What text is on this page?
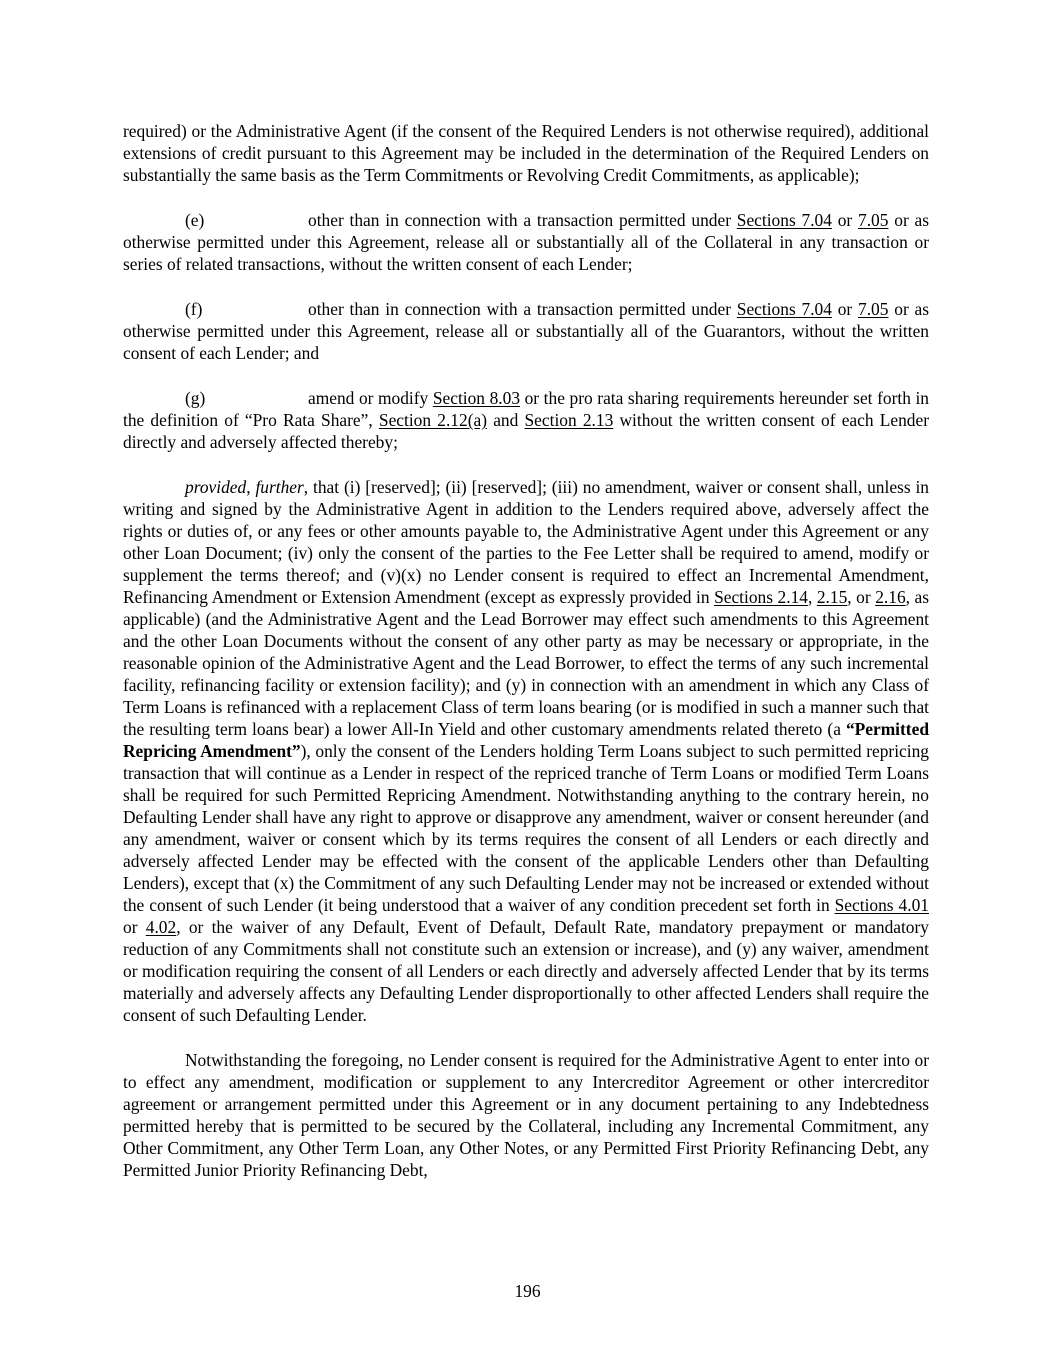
required) or the Administrative Agent (if the consent of the Required Lenders is not otherwise required), additional extensions of credit pursuant to this Agreement may be included in the determination of the Required Lenders on substantially the same basis as the Term Commitments or Revolving Credit Commitments, as applicable);

(e)	other than in connection with a transaction permitted under Sections 7.04 or 7.05 or as otherwise permitted under this Agreement, release all or substantially all of the Collateral in any transaction or series of related transactions, without the written consent of each Lender;

(f)	other than in connection with a transaction permitted under Sections 7.04 or 7.05 or as otherwise permitted under this Agreement, release all or substantially all of the Guarantors, without the written consent of each Lender; and

(g)	amend or modify Section 8.03 or the pro rata sharing requirements hereunder set forth in the definition of “Pro Rata Share”, Section 2.12(a) and Section 2.13 without the written consent of each Lender directly and adversely affected thereby;

provided, further, that (i) [reserved]; (ii) [reserved]; (iii) no amendment, waiver or consent shall, unless in writing and signed by the Administrative Agent in addition to the Lenders required above, adversely affect the rights or duties of, or any fees or other amounts payable to, the Administrative Agent under this Agreement or any other Loan Document; (iv) only the consent of the parties to the Fee Letter shall be required to amend, modify or supplement the terms thereof; and (v)(x) no Lender consent is required to effect an Incremental Amendment, Refinancing Amendment or Extension Amendment (except as expressly provided in Sections 2.14, 2.15, or 2.16, as applicable) (and the Administrative Agent and the Lead Borrower may effect such amendments to this Agreement and the other Loan Documents without the consent of any other party as may be necessary or appropriate, in the reasonable opinion of the Administrative Agent and the Lead Borrower, to effect the terms of any such incremental facility, refinancing facility or extension facility); and (y) in connection with an amendment in which any Class of Term Loans is refinanced with a replacement Class of term loans bearing (or is modified in such a manner such that the resulting term loans bear) a lower All-In Yield and other customary amendments related thereto (a “Permitted Repricing Amendment”), only the consent of the Lenders holding Term Loans subject to such permitted repricing transaction that will continue as a Lender in respect of the repriced tranche of Term Loans or modified Term Loans shall be required for such Permitted Repricing Amendment. Notwithstanding anything to the contrary herein, no Defaulting Lender shall have any right to approve or disapprove any amendment, waiver or consent hereunder (and any amendment, waiver or consent which by its terms requires the consent of all Lenders or each directly and adversely affected Lender may be effected with the consent of the applicable Lenders other than Defaulting Lenders), except that (x) the Commitment of any such Defaulting Lender may not be increased or extended without the consent of such Lender (it being understood that a waiver of any condition precedent set forth in Sections 4.01 or 4.02, or the waiver of any Default, Event of Default, Default Rate, mandatory prepayment or mandatory reduction of any Commitments shall not constitute such an extension or increase), and (y) any waiver, amendment or modification requiring the consent of all Lenders or each directly and adversely affected Lender that by its terms materially and adversely affects any Defaulting Lender disproportionally to other affected Lenders shall require the consent of such Defaulting Lender.

Notwithstanding the foregoing, no Lender consent is required for the Administrative Agent to enter into or to effect any amendment, modification or supplement to any Intercreditor Agreement or other intercreditor agreement or arrangement permitted under this Agreement or in any document pertaining to any Indebtedness permitted hereby that is permitted to be secured by the Collateral, including any Incremental Commitment, any Other Commitment, any Other Term Loan, any Other Notes, or any Permitted First Priority Refinancing Debt, any Permitted Junior Priority Refinancing Debt,

196
